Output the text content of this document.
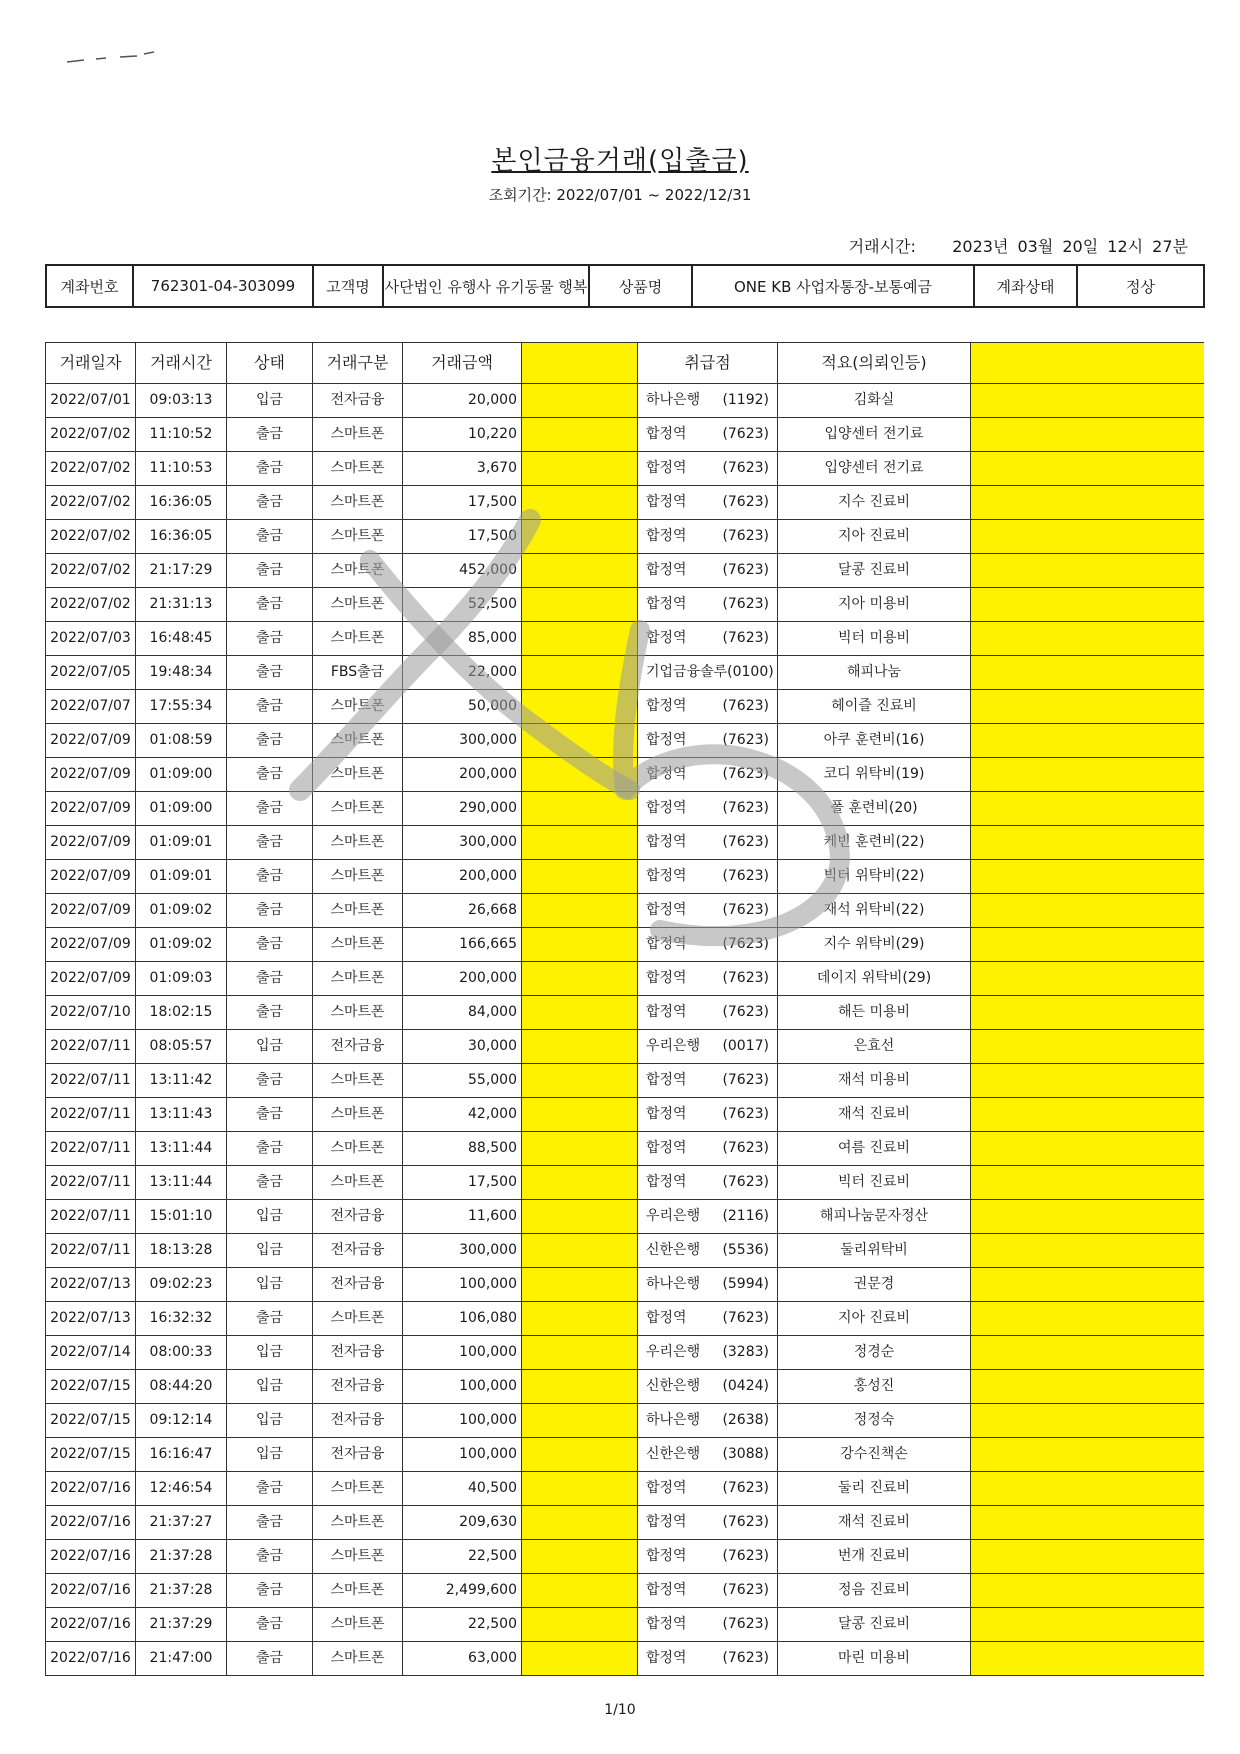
본인금융거래(입출금)
조회기간: 2022/07/01 ~ 2022/12/31
거래시간: 2023년 03월 20일 12시 27분
계좌번호	762301-04-303099	고객명	사단법인 유행사 유기동물 행복	상품명	ONE KB 사업자통장-보통예금	계좌상태	정상
거래일자	거래시간	상태	거래구분	거래금액		취급점	적요(의뢰인등)	
2022/07/01	09:03:13	입금	전자금융	20,000		하나은행 (1192)	김화실	
2022/07/02	11:10:52	출금	스마트폰	10,220		합정역 (7623)	입양센터 전기료	
2022/07/02	11:10:53	출금	스마트폰	3,670		합정역 (7623)	입양센터 전기료	
2022/07/02	16:36:05	출금	스마트폰	17,500		합정역 (7623)	지수 진료비	
2022/07/02	16:36:05	출금	스마트폰	17,500		합정역 (7623)	지아 진료비	
2022/07/02	21:17:29	출금	스마트폰	452,000		합정역 (7623)	달콩 진료비	
2022/07/02	21:31:13	출금	스마트폰	52,500		합정역 (7623)	지아 미용비	
2022/07/03	16:48:45	출금	스마트폰	85,000		합정역 (7623)	빅터 미용비	
2022/07/05	19:48:34	출금	FBS출금	22,000		기업금융솔루 (0100)	해피나눔	
2022/07/07	17:55:34	출금	스마트폰	50,000		합정역 (7623)	헤이즐 진료비	
2022/07/09	01:08:59	출금	스마트폰	300,000		합정역 (7623)	아쿠 훈련비(16)	
2022/07/09	01:09:00	출금	스마트폰	200,000		합정역 (7623)	코디 위탁비(19)	
2022/07/09	01:09:00	출금	스마트폰	290,000		합정역 (7623)	폴 훈련비(20)	
2022/07/09	01:09:01	출금	스마트폰	300,000		합정역 (7623)	케빈 훈련비(22)	
2022/07/09	01:09:01	출금	스마트폰	200,000		합정역 (7623)	빅터 위탁비(22)	
2022/07/09	01:09:02	출금	스마트폰	26,668		합정역 (7623)	재석 위탁비(22)	
2022/07/09	01:09:02	출금	스마트폰	166,665		합정역 (7623)	지수 위탁비(29)	
2022/07/09	01:09:03	출금	스마트폰	200,000		합정역 (7623)	데이지 위탁비(29)	
2022/07/10	18:02:15	출금	스마트폰	84,000		합정역 (7623)	해든 미용비	
2022/07/11	08:05:57	입금	전자금융	30,000		우리은행 (0017)	은효선	
2022/07/11	13:11:42	출금	스마트폰	55,000		합정역 (7623)	재석 미용비	
2022/07/11	13:11:43	출금	스마트폰	42,000		합정역 (7623)	재석 진료비	
2022/07/11	13:11:44	출금	스마트폰	88,500		합정역 (7623)	여름 진료비	
2022/07/11	13:11:44	출금	스마트폰	17,500		합정역 (7623)	빅터 진료비	
2022/07/11	15:01:10	입금	전자금융	11,600		우리은행 (2116)	해피나눔문자정산	
2022/07/11	18:13:28	입금	전자금융	300,000		신한은행 (5536)	둘리위탁비	
2022/07/13	09:02:23	입금	전자금융	100,000		하나은행 (5994)	권문경	
2022/07/13	16:32:32	출금	스마트폰	106,080		합정역 (7623)	지아 진료비	
2022/07/14	08:00:33	입금	전자금융	100,000		우리은행 (3283)	정경순	
2022/07/15	08:44:20	입금	전자금융	100,000		신한은행 (0424)	홍성진	
2022/07/15	09:12:14	입금	전자금융	100,000		하나은행 (2638)	정정숙	
2022/07/15	16:16:47	입금	전자금융	100,000		신한은행 (3088)	강수진책손	
2022/07/16	12:46:54	출금	스마트폰	40,500		합정역 (7623)	둘리 진료비	
2022/07/16	21:37:27	출금	스마트폰	209,630		합정역 (7623)	재석 진료비	
2022/07/16	21:37:28	출금	스마트폰	22,500		합정역 (7623)	번개 진료비	
2022/07/16	21:37:28	출금	스마트폰	2,499,600		합정역 (7623)	정음 진료비	
2022/07/16	21:37:29	출금	스마트폰	22,500		합정역 (7623)	달콩 진료비	
2022/07/16	21:47:00	출금	스마트폰	63,000		합정역 (7623)	마린 미용비	
1/10
